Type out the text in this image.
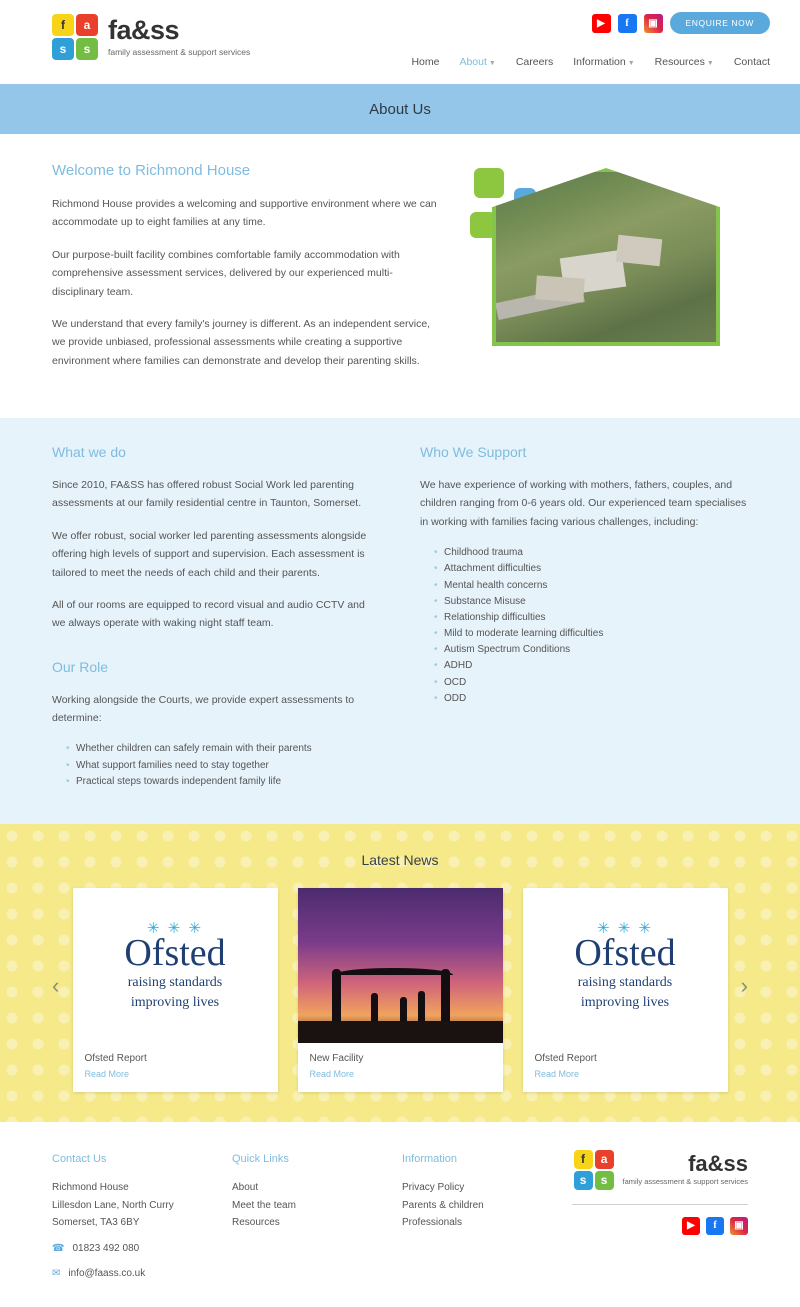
f	a
s	s
fa&ss
family assessment & support services
▶ f ▣	ENQUIRE NOW
Home About ▼ Careers Information ▼ Resources ▼ Contact
About Us
Welcome to Richmond House

Richmond House provides a welcoming and supportive environment where we can accommodate up to eight families at any time.

Our purpose-built facility combines comfortable family accommodation with comprehensive assessment services, delivered by our experienced multi-disciplinary team.

We understand that every family's journey is different. As an independent service, we provide unbiased, professional assessments while creating a supportive environment where families can demonstrate and develop their parenting skills.

What we do

Since 2010, FA&SS has offered robust Social Work led parenting assessments at our family residential centre in Taunton, Somerset.

We offer robust, social worker led parenting assessments alongside offering high levels of support and supervision. Each assessment is tailored to meet the needs of each child and their parents.

All of our rooms are equipped to record visual and audio CCTV and we always operate with waking night staff team.

Our Role

Working alongside the Courts, we provide expert assessments to determine:

• Whether children can safely remain with their parents
• What support families need to stay together
• Practical steps towards independent family life
Who We Support

We have experience of working with mothers, fathers, couples, and children ranging from 0-6 years old. Our experienced team specialises in working with families facing various challenges, including:

• Childhood trauma
• Attachment difficulties
• Mental health concerns
• Substance Misuse
• Relationship difficulties
• Mild to moderate learning difficulties
• Autism Spectrum Conditions
• ADHD
• OCD
• ODD
Latest News
‹	›
✳ ✳ ✳
Ofsted
raising standards
improving lives
Ofsted Report
Read More
New Facility
Read More
✳ ✳ ✳
Ofsted
raising standards
improving lives
Ofsted Report
Read More
Contact Us
Richmond House
Lillesdon Lane, North Curry
Somerset, TA3 6BY
☎ 01823 492 080
✉ info@faass.co.uk
Quick Links
About
Meet the team
Resources
Information
Privacy Policy
Parents & children
Professionals
f	a
s	s
fa&ss
family assessment & support services
▶ f ▣
